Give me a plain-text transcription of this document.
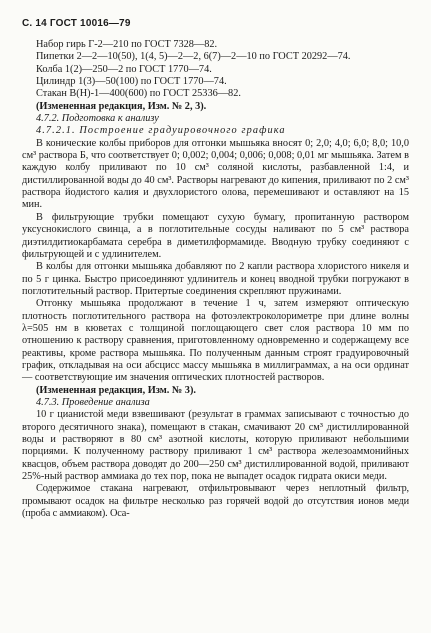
С. 14 ГОСТ 10016—79

Набор гирь Г-2—210 по ГОСТ 7328—82.

Пипетки 2—2—10(50), 1(4, 5)—2—2, 6(7)—2—10 по ГОСТ 20292—74.

Колба 1(2)—250—2 по ГОСТ 1770—74.

Цилиндр 1(3)—50(100) по ГОСТ 1770—74.

Стакан В(Н)-1—400(600) по ГОСТ 25336—82.

(Измененная редакция, Изм. № 2, 3).

4.7.2. Подготовка к анализу

4.7.2.1. Построение градуировочного графика

В конические колбы приборов для отгонки мышьяка вносят 0; 2,0; 4,0; 6,0; 8,0; 10,0 см³ раствора Б, что соответствует 0; 0,002; 0,004; 0,006; 0,008; 0,01 мг мышьяка. Затем в каждую колбу приливают по 10 см³ соляной кислоты, разбавленной 1:4, и дистиллированной воды до 40 см³. Растворы нагревают до кипения, приливают по 2 см³ раствора йодистого калия и двухлористого олова, перемешивают и оставляют на 15 мин.

В фильтрующие трубки помещают сухую бумагу, пропитанную раствором уксуснокислого свинца, а в поглотительные сосуды наливают по 5 см³ раствора диэтилдитиокарбамата серебра в диметилформамиде. Вводную трубку соединяют с фильтрующей и с удлинителем.

В колбы для отгонки мышьяка добавляют по 2 капли раствора хлористого никеля и по 5 г цинка. Быстро присоединяют удлинитель и конец вводной трубки погружают в поглотительный раствор. Притертые соединения скрепляют пружинами.

Отгонку мышьяка продолжают в течение 1 ч, затем измеряют оптическую плотность поглотительного раствора на фотоэлектроколориметре при длине волны λ=505 нм в кюветах с толщиной поглощающего свет слоя раствора 10 мм по отношению к раствору сравнения, приготовленному одновременно и содержащему все реактивы, кроме раствора мышьяка. По полученным данным строят градуировочный график, откладывая на оси абсцисс массу мышьяка в миллиграммах, а на оси ординат — соответствующие им значения оптических плотностей растворов.

(Измененная редакция, Изм. № 3).

4.7.3. Проведение анализа

10 г цианистой меди взвешивают (результат в граммах записывают с точностью до второго десятичного знака), помещают в стакан, смачивают 20 см³ дистиллированной воды и растворяют в 80 см³ азотной кислоты, которую приливают небольшими порциями. К полученному раствору приливают 1 см³ раствора железоаммонийных квасцов, объем раствора доводят до 200—250 см³ дистиллированной водой, приливают 25%-ный раствор аммиака до тех пор, пока не выпадет осадок гидрата окиси меди.

Содержимое стакана нагревают, отфильтровывают через неплотный фильтр, промывают осадок на фильтре несколько раз горячей водой до отсутствия ионов меди (проба с аммиаком). Оса-
